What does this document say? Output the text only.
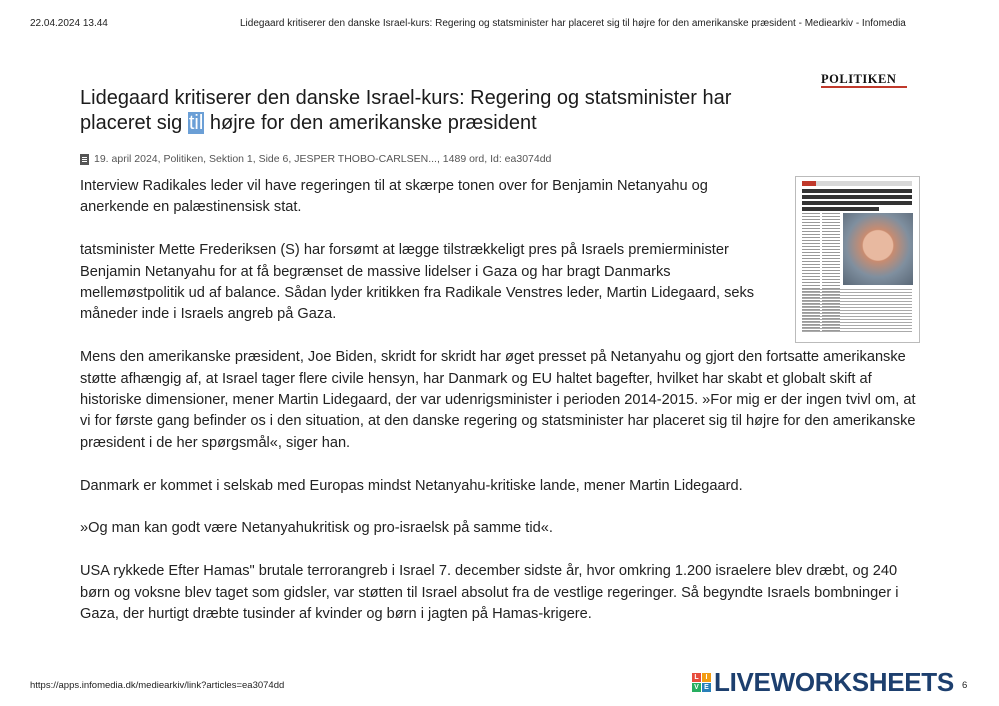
22.04.2024 13.44	Lidegaard kritiserer den danske Israel-kurs: Regering og statsminister har placeret sig til højre for den amerikanske præsident - Mediearkiv - Infomedia
POLITIKEN
Lidegaard kritiserer den danske Israel-kurs: Regering og statsminister har placeret sig til højre for den amerikanske præsident
19. april 2024, Politiken, Sektion 1, Side 6, JESPER THOBO-CARLSEN..., 1489 ord, Id: ea3074dd

Interview Radikales leder vil have regeringen til at skærpe tonen over for Benjamin Netanyahu og anerkende en palæstinensisk stat.

tatsminister Mette Frederiksen (S) har forsømt at lægge tilstrækkeligt pres på Israels premierminister Benjamin Netanyahu for at få begrænset de massive lidelser i Gaza og har bragt Danmarks mellemøstpolitik ud af balance. Sådan lyder kritikken fra Radikale Venstres leder, Martin Lidegaard, seks måneder inde i Israels angreb på Gaza.

Mens den amerikanske præsident, Joe Biden, skridt for skridt har øget presset på Netanyahu og gjort den fortsatte amerikanske støtte afhængig af, at Israel tager flere civile hensyn, har Danmark og EU haltet bagefter, hvilket har skabt et globalt skift af historiske dimensioner, mener Martin Lidegaard, der var udenrigsminister i perioden 2014-2015. »For mig er der ingen tvivl om, at vi for første gang befinder os i den situation, at den danske regering og statsminister har placeret sig til højre for den amerikanske præsident i de her spørgsmål«, siger han.

Danmark er kommet i selskab med Europas mindst Netanyahu-kritiske lande, mener Martin Lidegaard.

»Og man kan godt være Netanyahukritisk og pro-israelsk på samme tid«.

USA rykkede Efter Hamas" brutale terrorangreb i Israel 7. december sidste år, hvor omkring 1.200 israelere blev dræbt, og 240 børn og voksne blev taget som gidsler, var støtten til Israel absolut fra de vestlige regeringer. Så begyndte Israels bombninger i Gaza, der hurtigt dræbte tusinder af kvinder og børn i jagten på Hamas-krigere.

https://apps.infomedia.dk/mediearkiv/link?articles=ea3074dd
L I
V E LIVEWORKSHEETS 6
